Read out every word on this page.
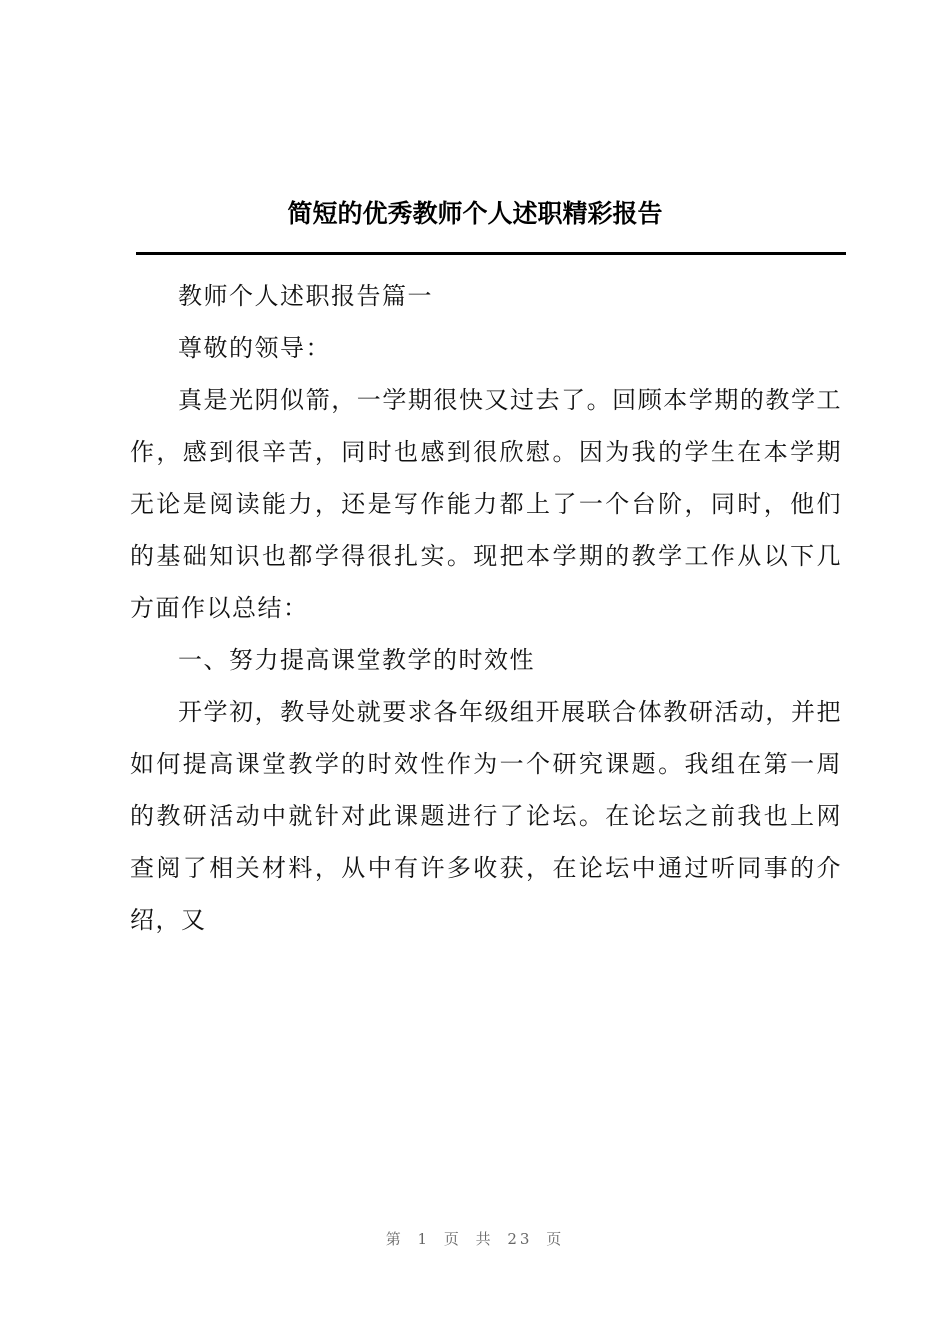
简短的优秀教师个人述职精彩报告

教师个人述职报告篇一

尊敬的领导：

真是光阴似箭，一学期很快又过去了。回顾本学期的教学工作，感到很辛苦，同时也感到很欣慰。因为我的学生在本学期无论是阅读能力，还是写作能力都上了一个台阶，同时，他们的基础知识也都学得很扎实。现把本学期的教学工作从以下几方面作以总结：

一、努力提高课堂教学的时效性

开学初，教导处就要求各年级组开展联合体教研活动，并把如何提高课堂教学的时效性作为一个研究课题。我组在第一周的教研活动中就针对此课题进行了论坛。在论坛之前我也上网查阅了相关材料，从中有许多收获，在论坛中通过听同事的介绍，又

第 1 页 共 23 页
